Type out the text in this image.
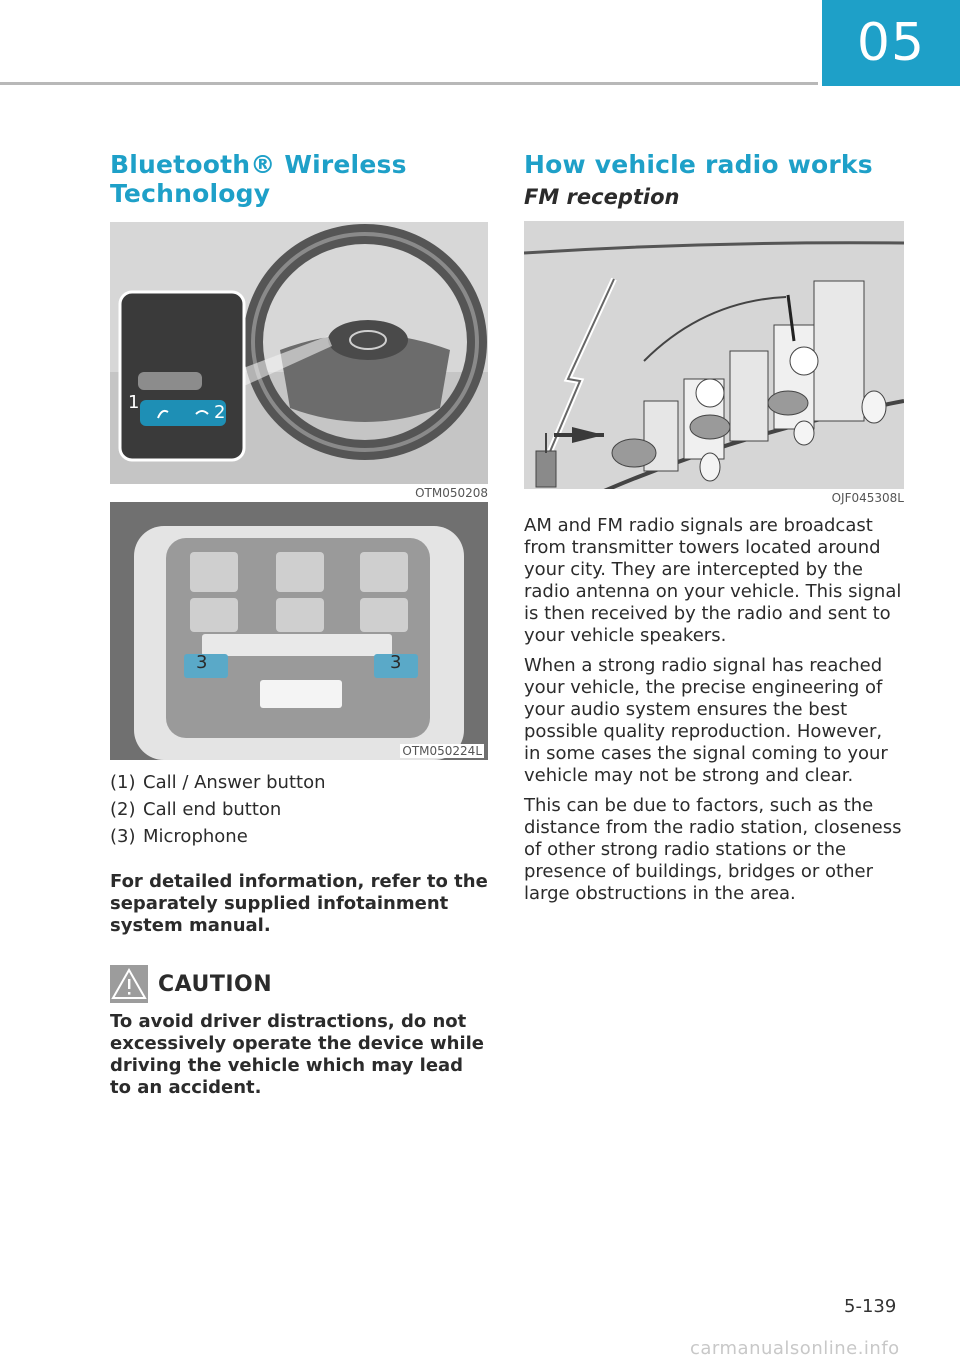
05
Bluetooth® Wireless Technology
1	2
OTM050208
3	3
OTM050224L
(1) Call / Answer button
(2) Call end button
(3) Microphone

For detailed information, refer to the separately supplied infotainment system manual.

CAUTION

To avoid driver distractions, do not excessively operate the device while driving the vehicle which may lead to an accident.

How vehicle radio works
FM reception
OJF045308L

AM and FM radio signals are broadcast from transmitter towers located around your city. They are intercepted by the radio antenna on your vehicle. This signal is then received by the radio and sent to your vehicle speakers.

When a strong radio signal has reached your vehicle, the precise engineering of your audio system ensures the best possible quality reproduction. However, in some cases the signal coming to your vehicle may not be strong and clear.

This can be due to factors, such as the distance from the radio station, closeness of other strong radio stations or the presence of buildings, bridges or other large obstructions in the area.

5-139
carmanualsonline.info
